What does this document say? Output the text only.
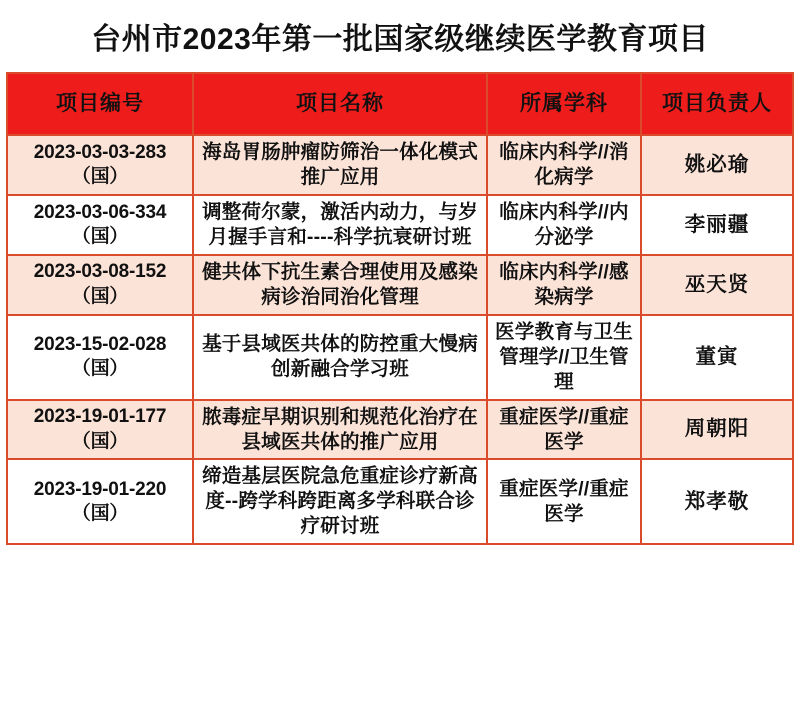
台州市2023年第一批国家级继续医学教育项目
项目编号	项目名称	所属学科	项目负责人
2023-03-03-283（国）	海岛胃肠肿瘤防筛治一体化模式推广应用	临床内科学//消化病学	姚必瑜
2023-03-06-334（国）	调整荷尔蒙，激活内动力，与岁月握手言和----科学抗衰研讨班	临床内科学//内分泌学	李丽疆
2023-03-08-152（国）	健共体下抗生素合理使用及感染病诊治同治化管理	临床内科学//感染病学	巫天贤
2023-15-02-028（国）	基于县域医共体的防控重大慢病创新融合学习班	医学教育与卫生管理学//卫生管理	董寅
2023-19-01-177（国）	脓毒症早期识别和规范化治疗在县域医共体的推广应用	重症医学//重症医学	周朝阳
2023-19-01-220（国）	缔造基层医院急危重症诊疗新高度--跨学科跨距离多学科联合诊疗研讨班	重症医学//重症医学	郑孝敬
